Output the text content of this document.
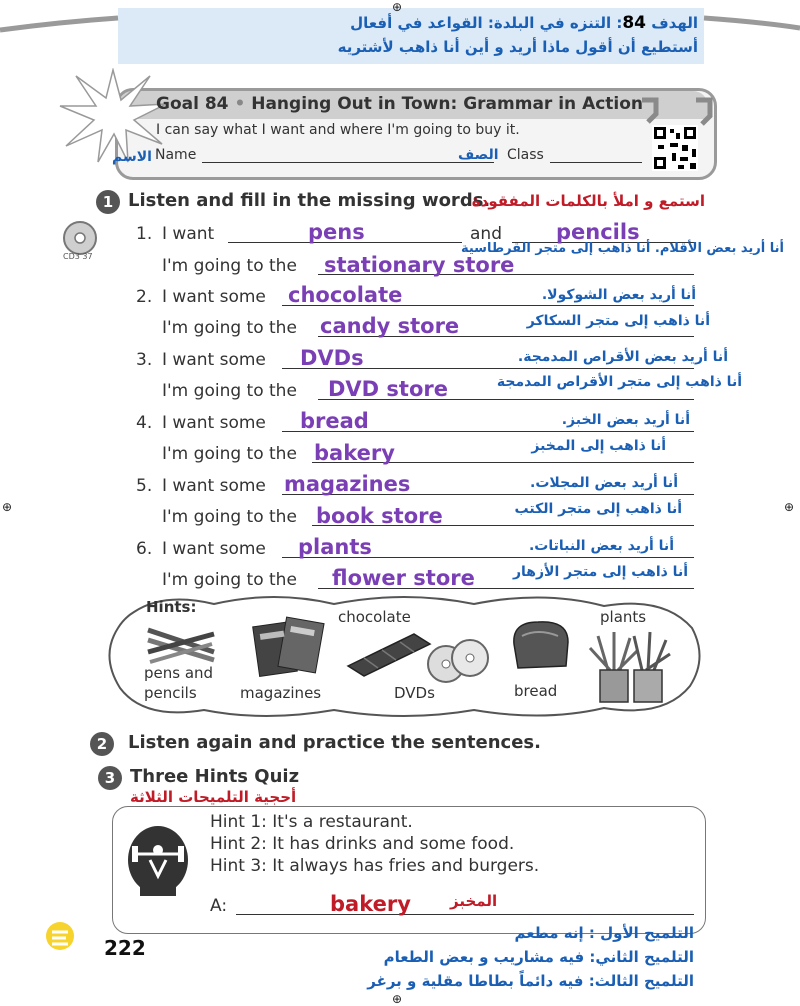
الهدف 84: التنزه في البلدة: القواعد في أفعال
أستطيع أن أقول ماذا أريد و أين أنا ذاهب لأشتريه
⊕
⊕	⊕
⊕
Goal 84 • Hanging Out in Town: Grammar in Action
I can say what I want and where I'm going to buy it.
الاسم Name	الصف Class
1 Listen and fill in the missing words.
استمع و املأ بالكلمات المفقودة
CD3 37
1. I want	pens	and	pencils
أنا أريد بعض الأقلام. أنا ذاهب إلى متجر القرطاسية
I'm going to the stationary store
2. I want some chocolate	أنا أريد بعض الشوكولا.
I'm going to the candy store	أنا ذاهب إلى متجر السكاكر
3. I want some DVDs	أنا أريد بعض الأقراص المدمجة.
I'm going to the DVD store	أنا ذاهب إلى متجر الأقراص المدمجة
4. I want some bread	أنا أريد بعض الخبز.
I'm going to the bakery	أنا ذاهب إلى المخبز
5. I want some magazines	أنا أريد بعض المجلات.
I'm going to the book store	أنا ذاهب إلى متجر الكتب
6. I want some plants	أنا أريد بعض النباتات.
I'm going to the flower store	أنا ذاهب إلى متجر الأزهار
Hints:
pens and
pencils	magazines
chocolate
DVDs	bread
plants
2	Listen again and practice the sentences.
3 Three Hints Quiz
أحجية التلميحات الثلاثة
Hint 1: It's a restaurant.
Hint 2: It has drinks and some food.
Hint 3: It always has fries and burgers.
A:	bakery	المخبز
التلميح الأول : إنه مطعم
التلميح الثاني: فيه مشاريب و بعض الطعام
التلميح الثالث: فيه دائماً بطاطا مقلية و برغر
222
